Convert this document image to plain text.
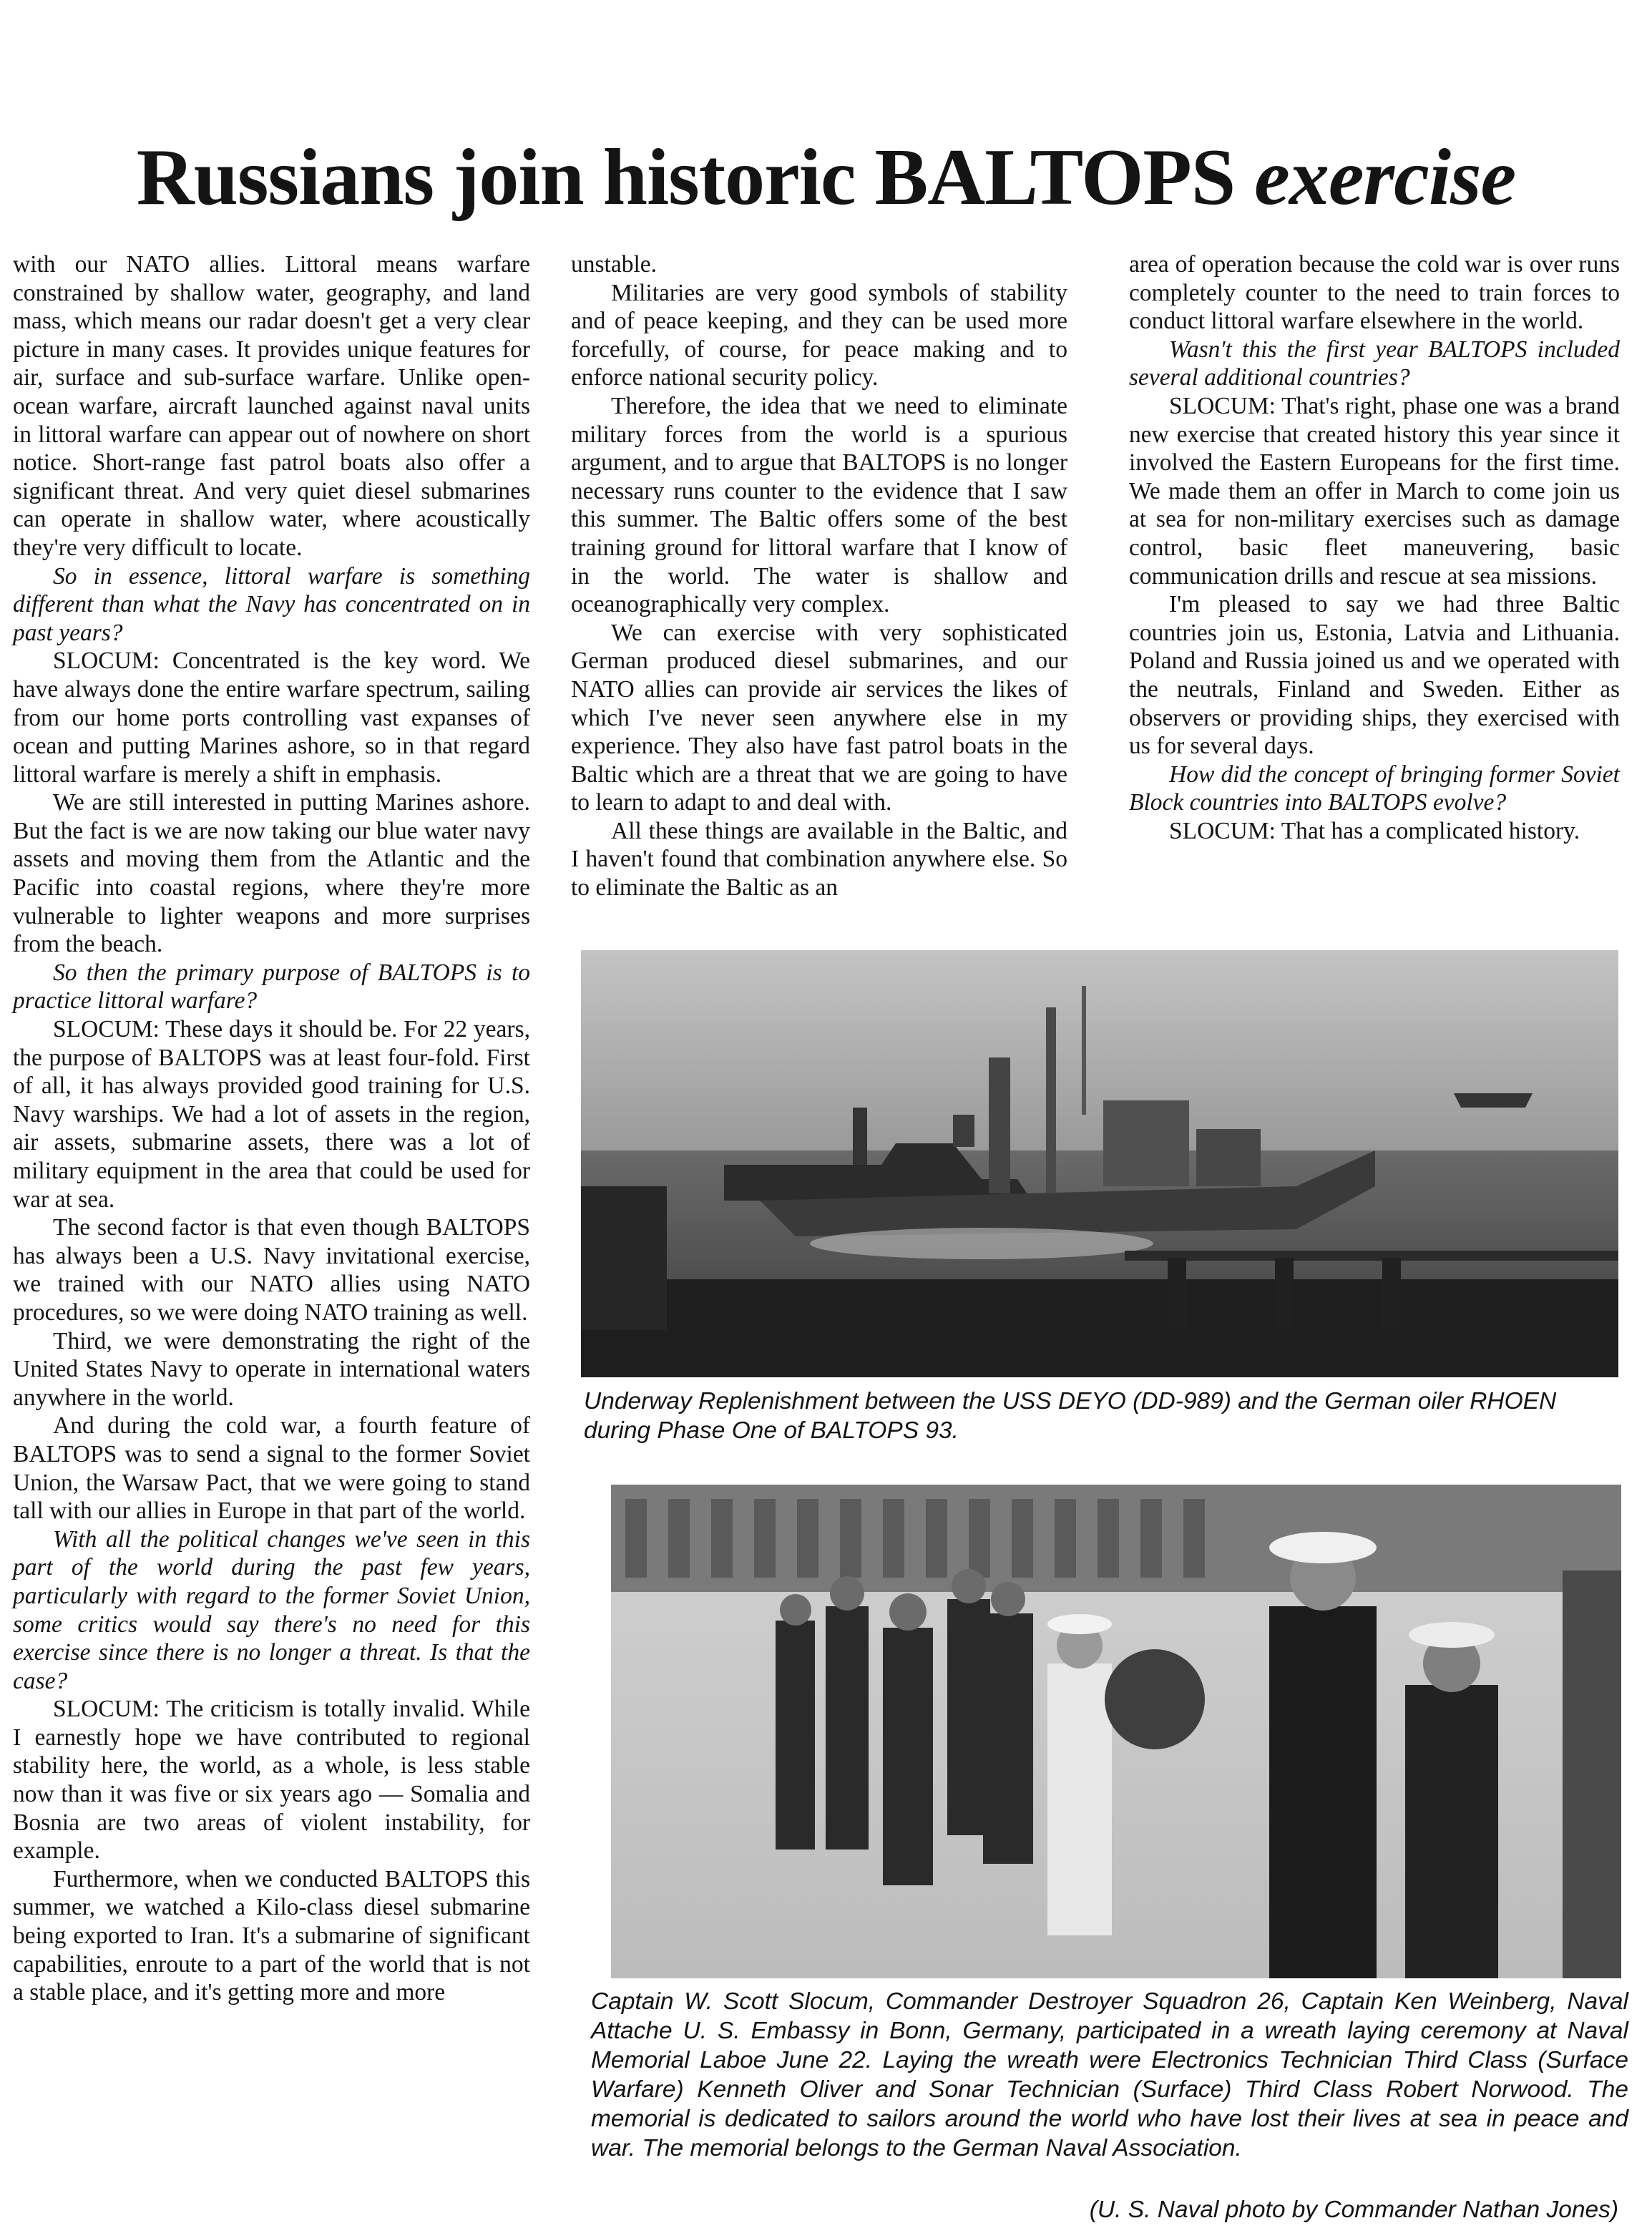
Russians join historic BALTOPS exercise

with our NATO allies. Littoral means warfare constrained by shallow water, geography, and land mass, which means our radar doesn't get a very clear picture in many cases. It provides unique features for air, surface and sub-surface warfare. Unlike open-ocean warfare, aircraft launched against naval units in littoral warfare can appear out of nowhere on short notice. Short-range fast patrol boats also offer a significant threat. And very quiet diesel submarines can operate in shallow water, where acoustically they're very difficult to locate.

So in essence, littoral warfare is something different than what the Navy has concentrated on in past years?

SLOCUM: Concentrated is the key word. We have always done the entire warfare spectrum, sailing from our home ports controlling vast expanses of ocean and putting Marines ashore, so in that regard littoral warfare is merely a shift in emphasis.

We are still interested in putting Marines ashore. But the fact is we are now taking our blue water navy assets and moving them from the Atlantic and the Pacific into coastal regions, where they're more vulnerable to lighter weapons and more surprises from the beach.

So then the primary purpose of BALTOPS is to practice littoral warfare?

SLOCUM: These days it should be. For 22 years, the purpose of BALTOPS was at least four-fold. First of all, it has always provided good training for U.S. Navy warships. We had a lot of assets in the region, air assets, submarine assets, there was a lot of military equipment in the area that could be used for war at sea.

The second factor is that even though BALTOPS has always been a U.S. Navy invitational exercise, we trained with our NATO allies using NATO procedures, so we were doing NATO training as well.

Third, we were demonstrating the right of the United States Navy to operate in international waters anywhere in the world.

And during the cold war, a fourth feature of BALTOPS was to send a signal to the former Soviet Union, the Warsaw Pact, that we were going to stand tall with our allies in Europe in that part of the world.

With all the political changes we've seen in this part of the world during the past few years, particularly with regard to the former Soviet Union, some critics would say there's no need for this exercise since there is no longer a threat. Is that the case?

SLOCUM: The criticism is totally invalid. While I earnestly hope we have contributed to regional stability here, the world, as a whole, is less stable now than it was five or six years ago — Somalia and Bosnia are two areas of violent instability, for example.

Furthermore, when we conducted BALTOPS this summer, we watched a Kilo-class diesel submarine being exported to Iran. It's a submarine of significant capabilities, enroute to a part of the world that is not a stable place, and it's getting more and more

unstable.

Militaries are very good symbols of stability and of peace keeping, and they can be used more forcefully, of course, for peace making and to enforce national security policy.

Therefore, the idea that we need to eliminate military forces from the world is a spurious argument, and to argue that BALTOPS is no longer necessary runs counter to the evidence that I saw this summer. The Baltic offers some of the best training ground for littoral warfare that I know of in the world. The water is shallow and oceanographically very complex.

We can exercise with very sophisticated German produced diesel submarines, and our NATO allies can provide air services the likes of which I've never seen anywhere else in my experience. They also have fast patrol boats in the Baltic which are a threat that we are going to have to learn to adapt to and deal with.

All these things are available in the Baltic, and I haven't found that combination anywhere else. So to eliminate the Baltic as an

area of operation because the cold war is over runs completely counter to the need to train forces to conduct littoral warfare elsewhere in the world.

Wasn't this the first year BALTOPS included several additional countries?

SLOCUM: That's right, phase one was a brand new exercise that created history this year since it involved the Eastern Europeans for the first time. We made them an offer in March to come join us at sea for non-military exercises such as damage control, basic fleet maneuvering, basic communication drills and rescue at sea missions.

I'm pleased to say we had three Baltic countries join us, Estonia, Latvia and Lithuania. Poland and Russia joined us and we operated with the neutrals, Finland and Sweden. Either as observers or providing ships, they exercised with us for several days.

How did the concept of bringing former Soviet Block countries into BALTOPS evolve?

SLOCUM: That has a complicated history.

Underway Replenishment between the USS DEYO (DD-989) and the German oiler RHOEN during Phase One of BALTOPS 93.

Captain W. Scott Slocum, Commander Destroyer Squadron 26, Captain Ken Weinberg, Naval Attache U. S. Embassy in Bonn, Germany, participated in a wreath laying ceremony at Naval Memorial Laboe June 22. Laying the wreath were Electronics Technician Third Class (Surface Warfare) Kenneth Oliver and Sonar Technician (Surface) Third Class Robert Norwood. The memorial is dedicated to sailors around the world who have lost their lives at sea in peace and war. The memorial belongs to the German Naval Association.

(U. S. Naval photo by Commander Nathan Jones)
